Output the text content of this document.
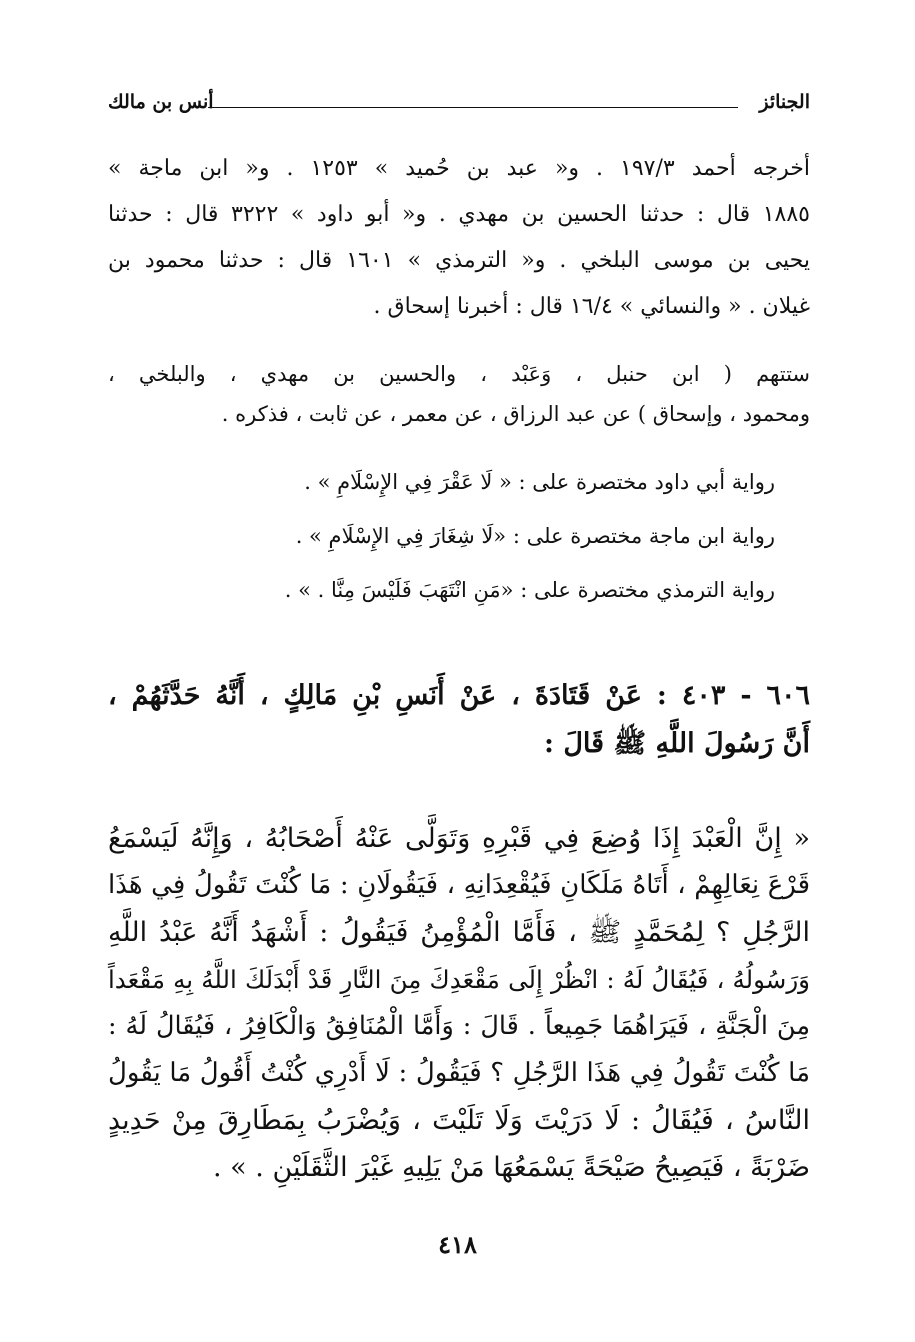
الجنائز
أنس بن مالك
أخرجه أحمد ١٩٧/٣ . و« عبد بن حُميد » ١٢٥٣ . و« ابن ماجة »
١٨٨٥ قال : حدثنا الحسين بن مهدي . و« أبو داود » ٣٢٢٢ قال : حدثنا
يحيى بن موسى البلخي . و« الترمذي » ١٦٠١ قال : حدثنا محمود بن
غيلان . « والنسائي » ١٦/٤ قال : أخبرنا إسحاق .
ستتهم ( ابن حنبل ، وَعَبْد ، والحسين بن مهدي ، والبلخي ،
ومحمود ، وإسحاق ) عن عبد الرزاق ، عن معمر ، عن ثابت ، فذكره .
رواية أبي داود مختصرة على : « لَا عَقْرَ فِي الإِسْلَامِ » .
رواية ابن ماجة مختصرة على : «لَا شِغَارَ فِي الإِسْلَامِ » .
رواية الترمذي مختصرة على : «مَنِ انْتَهَبَ فَلَيْسَ مِنَّا . » .
٦٠٦ - ٤٠٣ : عَنْ قَتَادَةَ ، عَنْ أَنَسِ بْنِ مَالِكٍ ، أَنَّهُ حَدَّثَهُمْ ،
أَنَّ رَسُولَ اللَّهِ ﷺ قَالَ :
« إِنَّ الْعَبْدَ إِذَا وُضِعَ فِي قَبْرِهِ وَتَوَلَّى عَنْهُ أَصْحَابُهُ ، وَإِنَّهُ لَيَسْمَعُ
قَرْعَ نِعَالِهِمْ ، أَتَاهُ مَلَكَانِ فَيُقْعِدَانِهِ ، فَيَقُولَانِ : مَا كُنْتَ تَقُولُ فِي هَذَا
الرَّجُلِ ؟ لِمُحَمَّدٍ ﷺ ، فَأَمَّا الْمُؤْمِنُ فَيَقُولُ : أَشْهَدُ أَنَّهُ عَبْدُ اللَّهِ
وَرَسُولُهُ ، فَيُقَالُ لَهُ : انْظُرْ إِلَى مَقْعَدِكَ مِنَ النَّارِ قَدْ أَبْدَلَكَ اللَّهُ بِهِ مَقْعَداً
مِنَ الْجَنَّةِ ، فَيَرَاهُمَا جَمِيعاً . قَالَ : وَأَمَّا الْمُنَافِقُ وَالْكَافِرُ ، فَيُقَالُ لَهُ :
مَا كُنْتَ تَقُولُ فِي هَذَا الرَّجُلِ ؟ فَيَقُولُ : لَا أَدْرِي كُنْتُ أَقُولُ مَا يَقُولُ
النَّاسُ ، فَيُقَالُ : لَا دَرَيْتَ وَلَا تَلَيْتَ ، وَيُضْرَبُ بِمَطَارِقَ مِنْ حَدِيدٍ
ضَرْبَةً ، فَيَصِيحُ صَيْحَةً يَسْمَعُهَا مَنْ يَلِيهِ غَيْرَ الثَّقَلَيْنِ . » .
٤١٨
